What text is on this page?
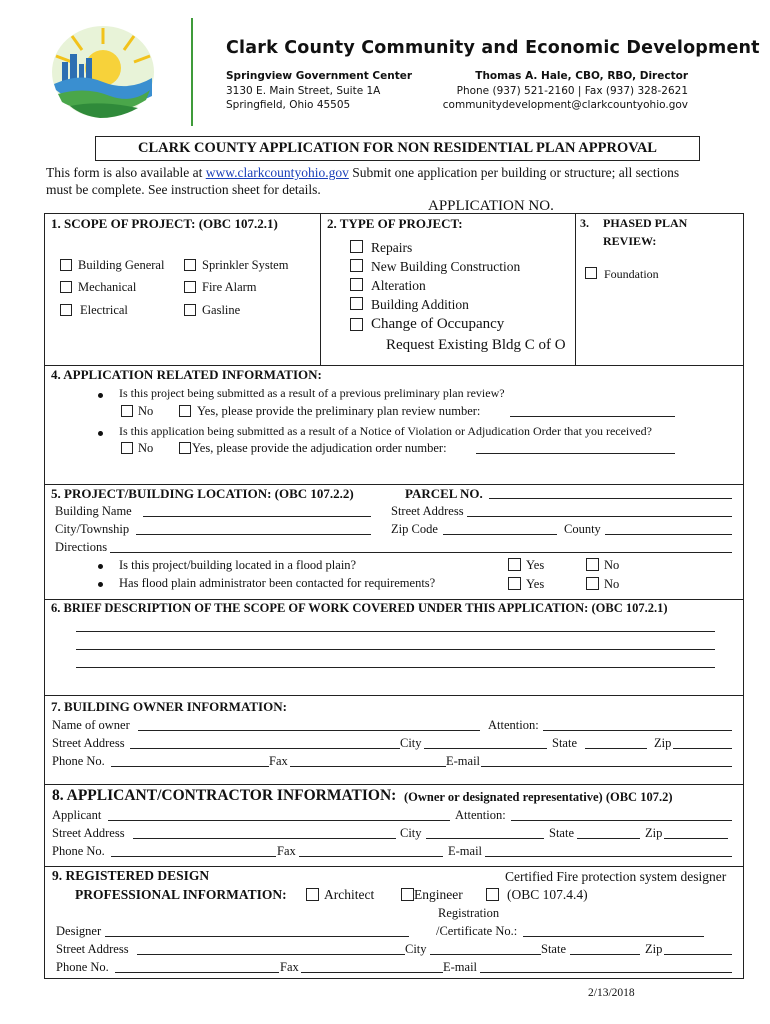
Clark County Community and Economic Development
Springview Government Center
3130 E. Main Street, Suite 1A
Springfield, Ohio 45505
Thomas A. Hale, CBO, RBO, Director
Phone (937) 521-2160 | Fax (937) 328-2621
communitydevelopment@clarkcountyohio.gov
CLARK COUNTY APPLICATION FOR NON RESIDENTIAL PLAN APPROVAL
This form is also available at www.clarkcountyohio.gov Submit one application per building or structure; all sections
must be complete. See instruction sheet for details.
APPLICATION NO.
1. SCOPE OF PROJECT: (OBC 107.2.1)
Building General	Sprinkler System
Mechanical	Fire Alarm
Electrical	Gasline
2. TYPE OF PROJECT:
Repairs
New Building Construction
Alteration
Building Addition
Change of Occupancy
Request Existing Bldg C of O
3. PHASED PLAN
REVIEW:
Foundation
4. APPLICATION RELATED INFORMATION:
Is this project being submitted as a result of a previous preliminary plan review?
No	Yes, please provide the preliminary plan review number:
Is this application being submitted as a result of a Notice of Violation or Adjudication Order that you received?
No	Yes, please provide the adjudication order number:
5. PROJECT/BUILDING LOCATION: (OBC 107.2.2)	PARCEL NO.
Building Name	Street Address
City/Township	Zip Code	County
Directions
Is this project/building located in a flood plain?	Yes	No
Has flood plain administrator been contacted for requirements?	Yes	No
6. BRIEF DESCRIPTION OF THE SCOPE OF WORK COVERED UNDER THIS APPLICATION: (OBC 107.2.1)
7. BUILDING OWNER INFORMATION:
Name of owner	Attention:
Street Address	City	State	Zip
Phone No.	Fax	E-mail
8. APPLICANT/CONTRACTOR INFORMATION: (Owner or designated representative) (OBC 107.2)
Applicant	Attention:
Street Address	City	State	Zip
Phone No.	Fax	E-mail
9. REGISTERED DESIGN
PROFESSIONAL INFORMATION:	Architect	Engineer
Certified Fire protection system designer
(OBC 107.4.4)
Registration
Designer	/Certificate No.:
Street Address	City	State	Zip
Phone No.	Fax	E-mail
2/13/2018
